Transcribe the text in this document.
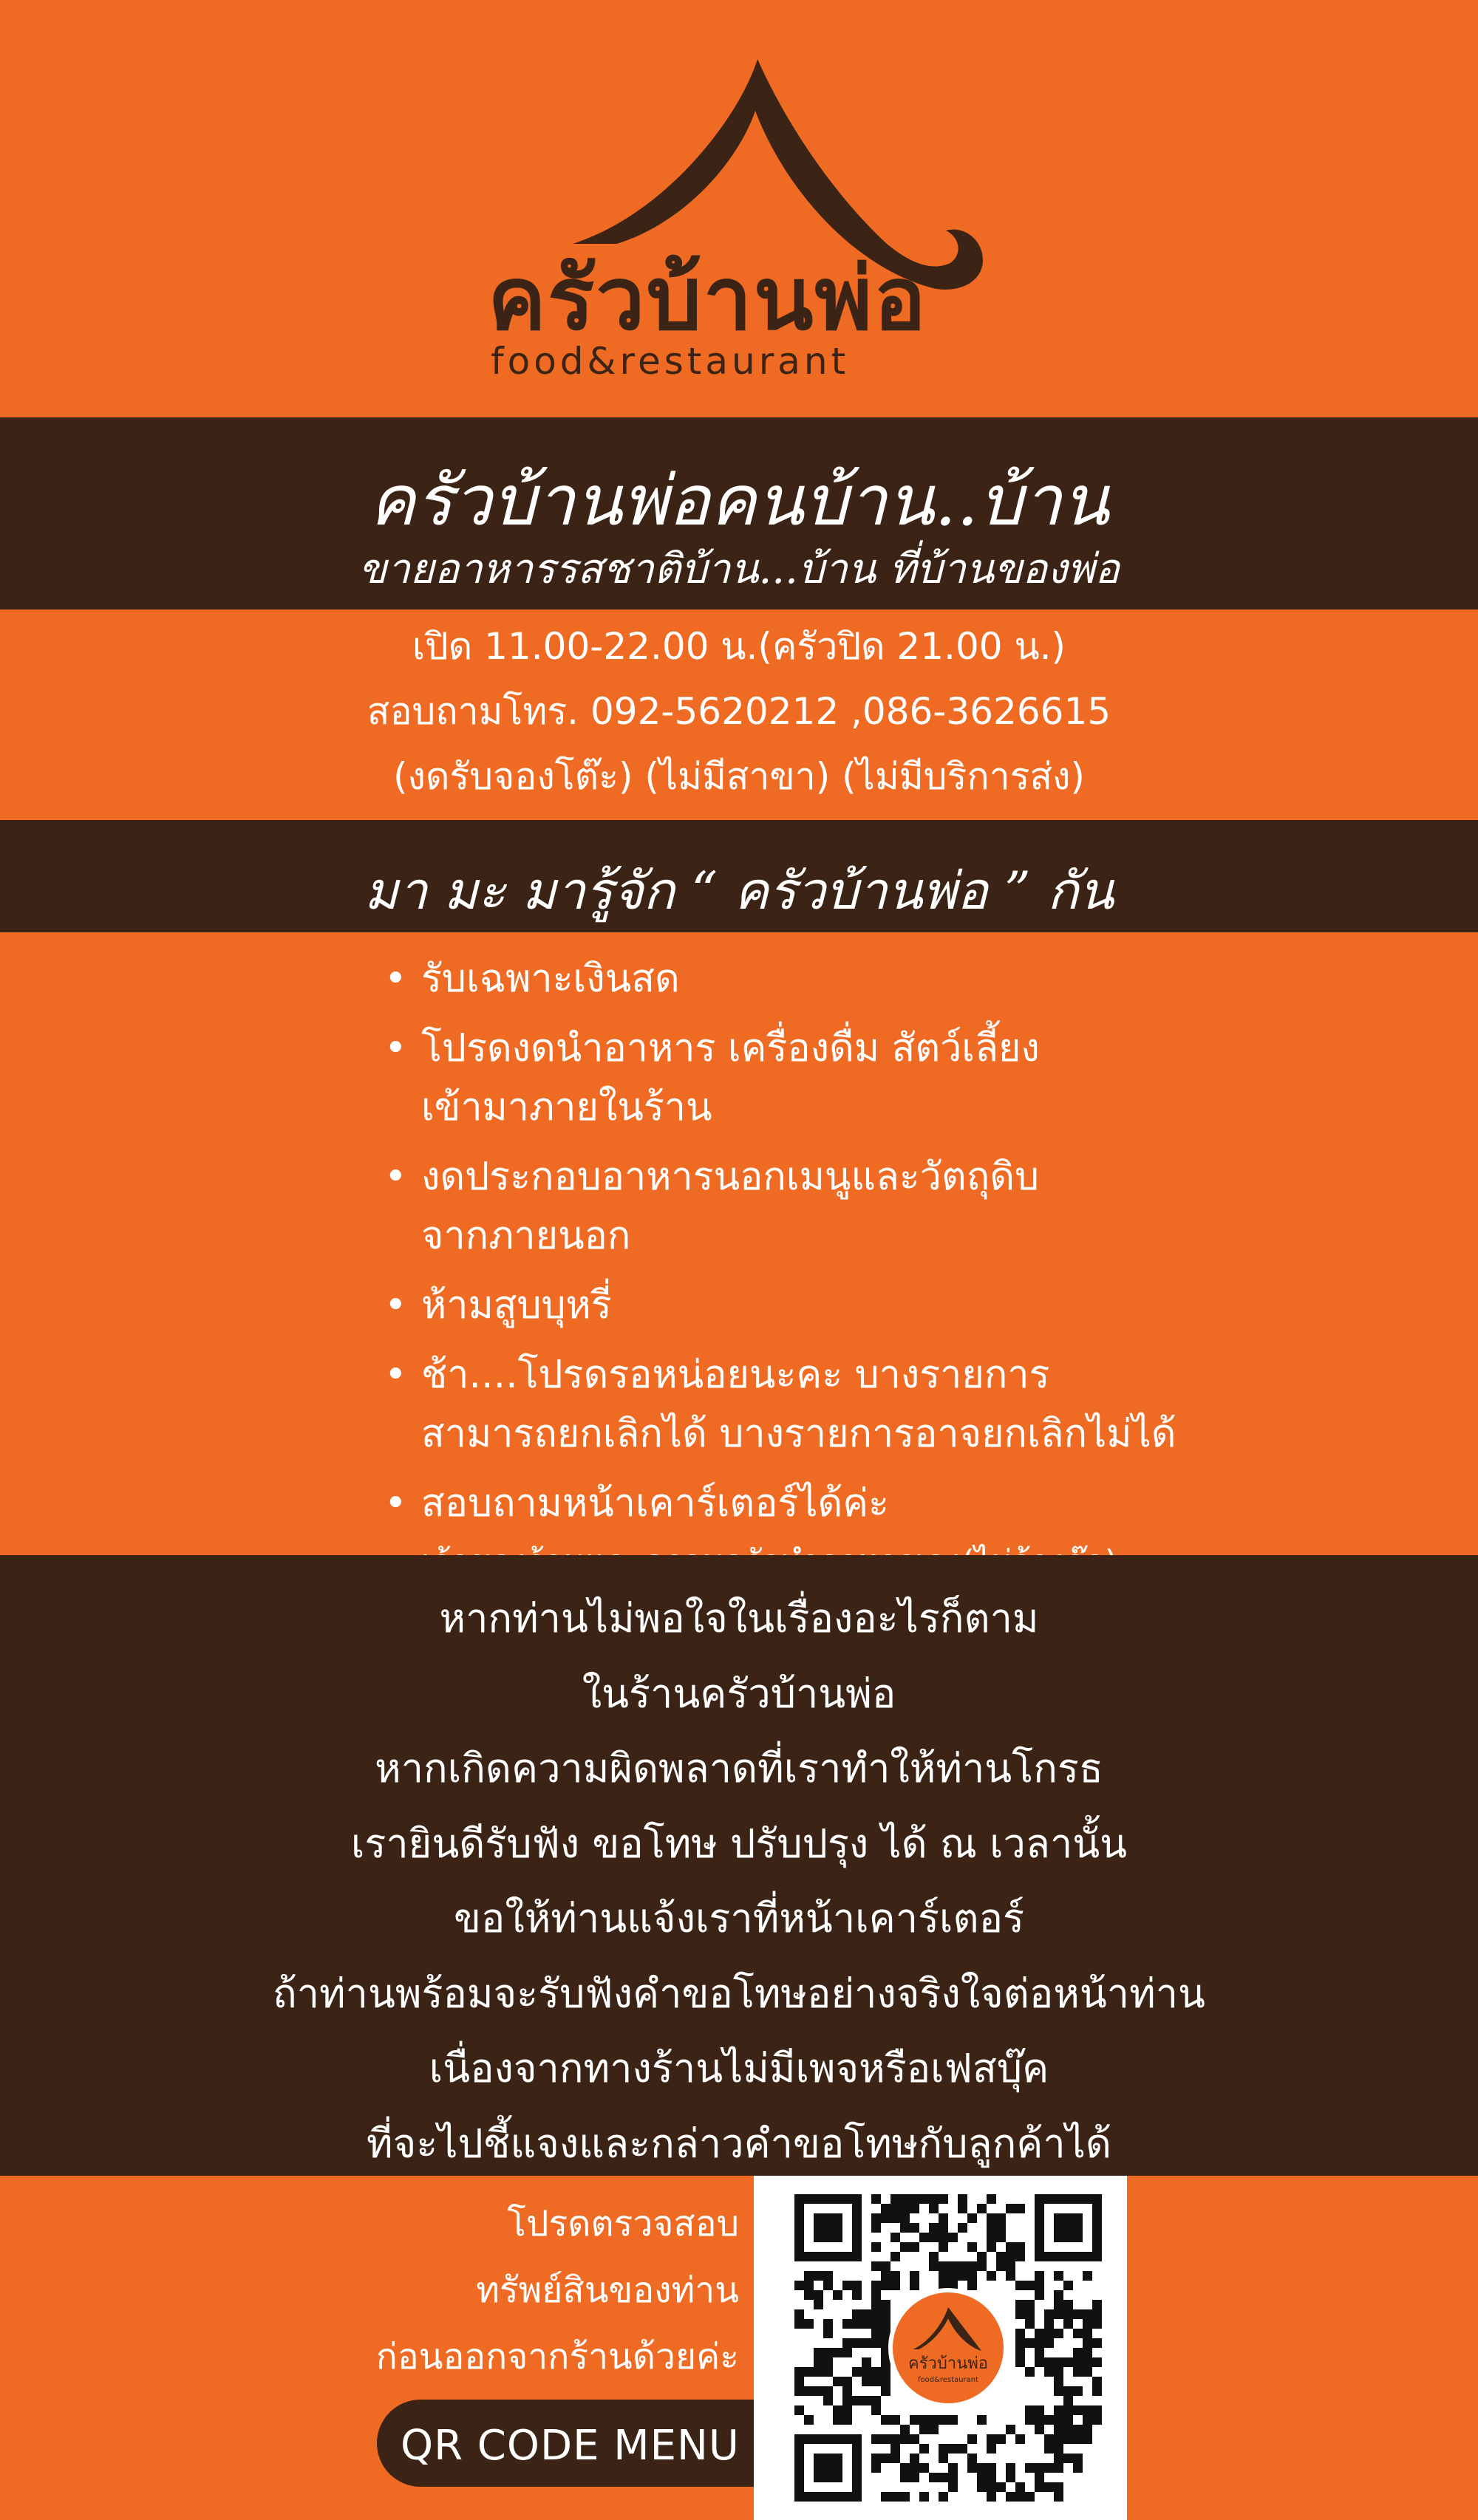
ครัวบ้านพ่อ
food&restaurant
ครัวบ้านพ่อคนบ้าน..บ้าน
ขายอาหารรสชาติบ้าน...บ้าน ที่บ้านของพ่อ
เปิด 11.00-22.00 น.(ครัวปิด 21.00 น.)
สอบถามโทร. 092-5620212 ,086-3626615
(งดรับจองโต๊ะ) (ไม่มีสาขา) (ไม่มีบริการส่ง)
มา มะ มารู้จัก “ ครัวบ้านพ่อ ” กัน
• รับเฉพาะเงินสด
• โปรดงดนำอาหาร เครื่องดื่ม สัตว์เลี้ยง
เข้ามาภายในร้าน
• งดประกอบอาหารนอกเมนูและวัตถุดิบ
จากภายนอก
• ห้ามสูบบุหรี่
• ช้า....โปรดรอหน่อยนะคะ บางรายการ
สามารถยกเลิกได้ บางรายการอาจยกเลิกไม่ได้
• สอบถามหน้าเคาร์เตอร์ได้ค่ะ
หากท่านไม่พอใจในเรื่องอะไรก็ตาม
ในร้านครัวบ้านพ่อ
หากเกิดความผิดพลาดที่เราทำให้ท่านโกรธ
เรายินดีรับฟัง ขอโทษ ปรับปรุง ได้ ณ เวลานั้น
ขอให้ท่านแจ้งเราที่หน้าเคาร์เตอร์
ถ้าท่านพร้อมจะรับฟังคำขอโทษอย่างจริงใจต่อหน้าท่าน
เนื่องจากทางร้านไม่มีเพจหรือเฟสบุ๊ค
ที่จะไปชี้แจงและกล่าวคำขอโทษกับลูกค้าได้
โปรดตรวจสอบ
ทรัพย์สินของท่าน
ก่อนออกจากร้านด้วยค่ะ
QR CODE MENU
ครัวบ้านพ่อ
food&restaurant
